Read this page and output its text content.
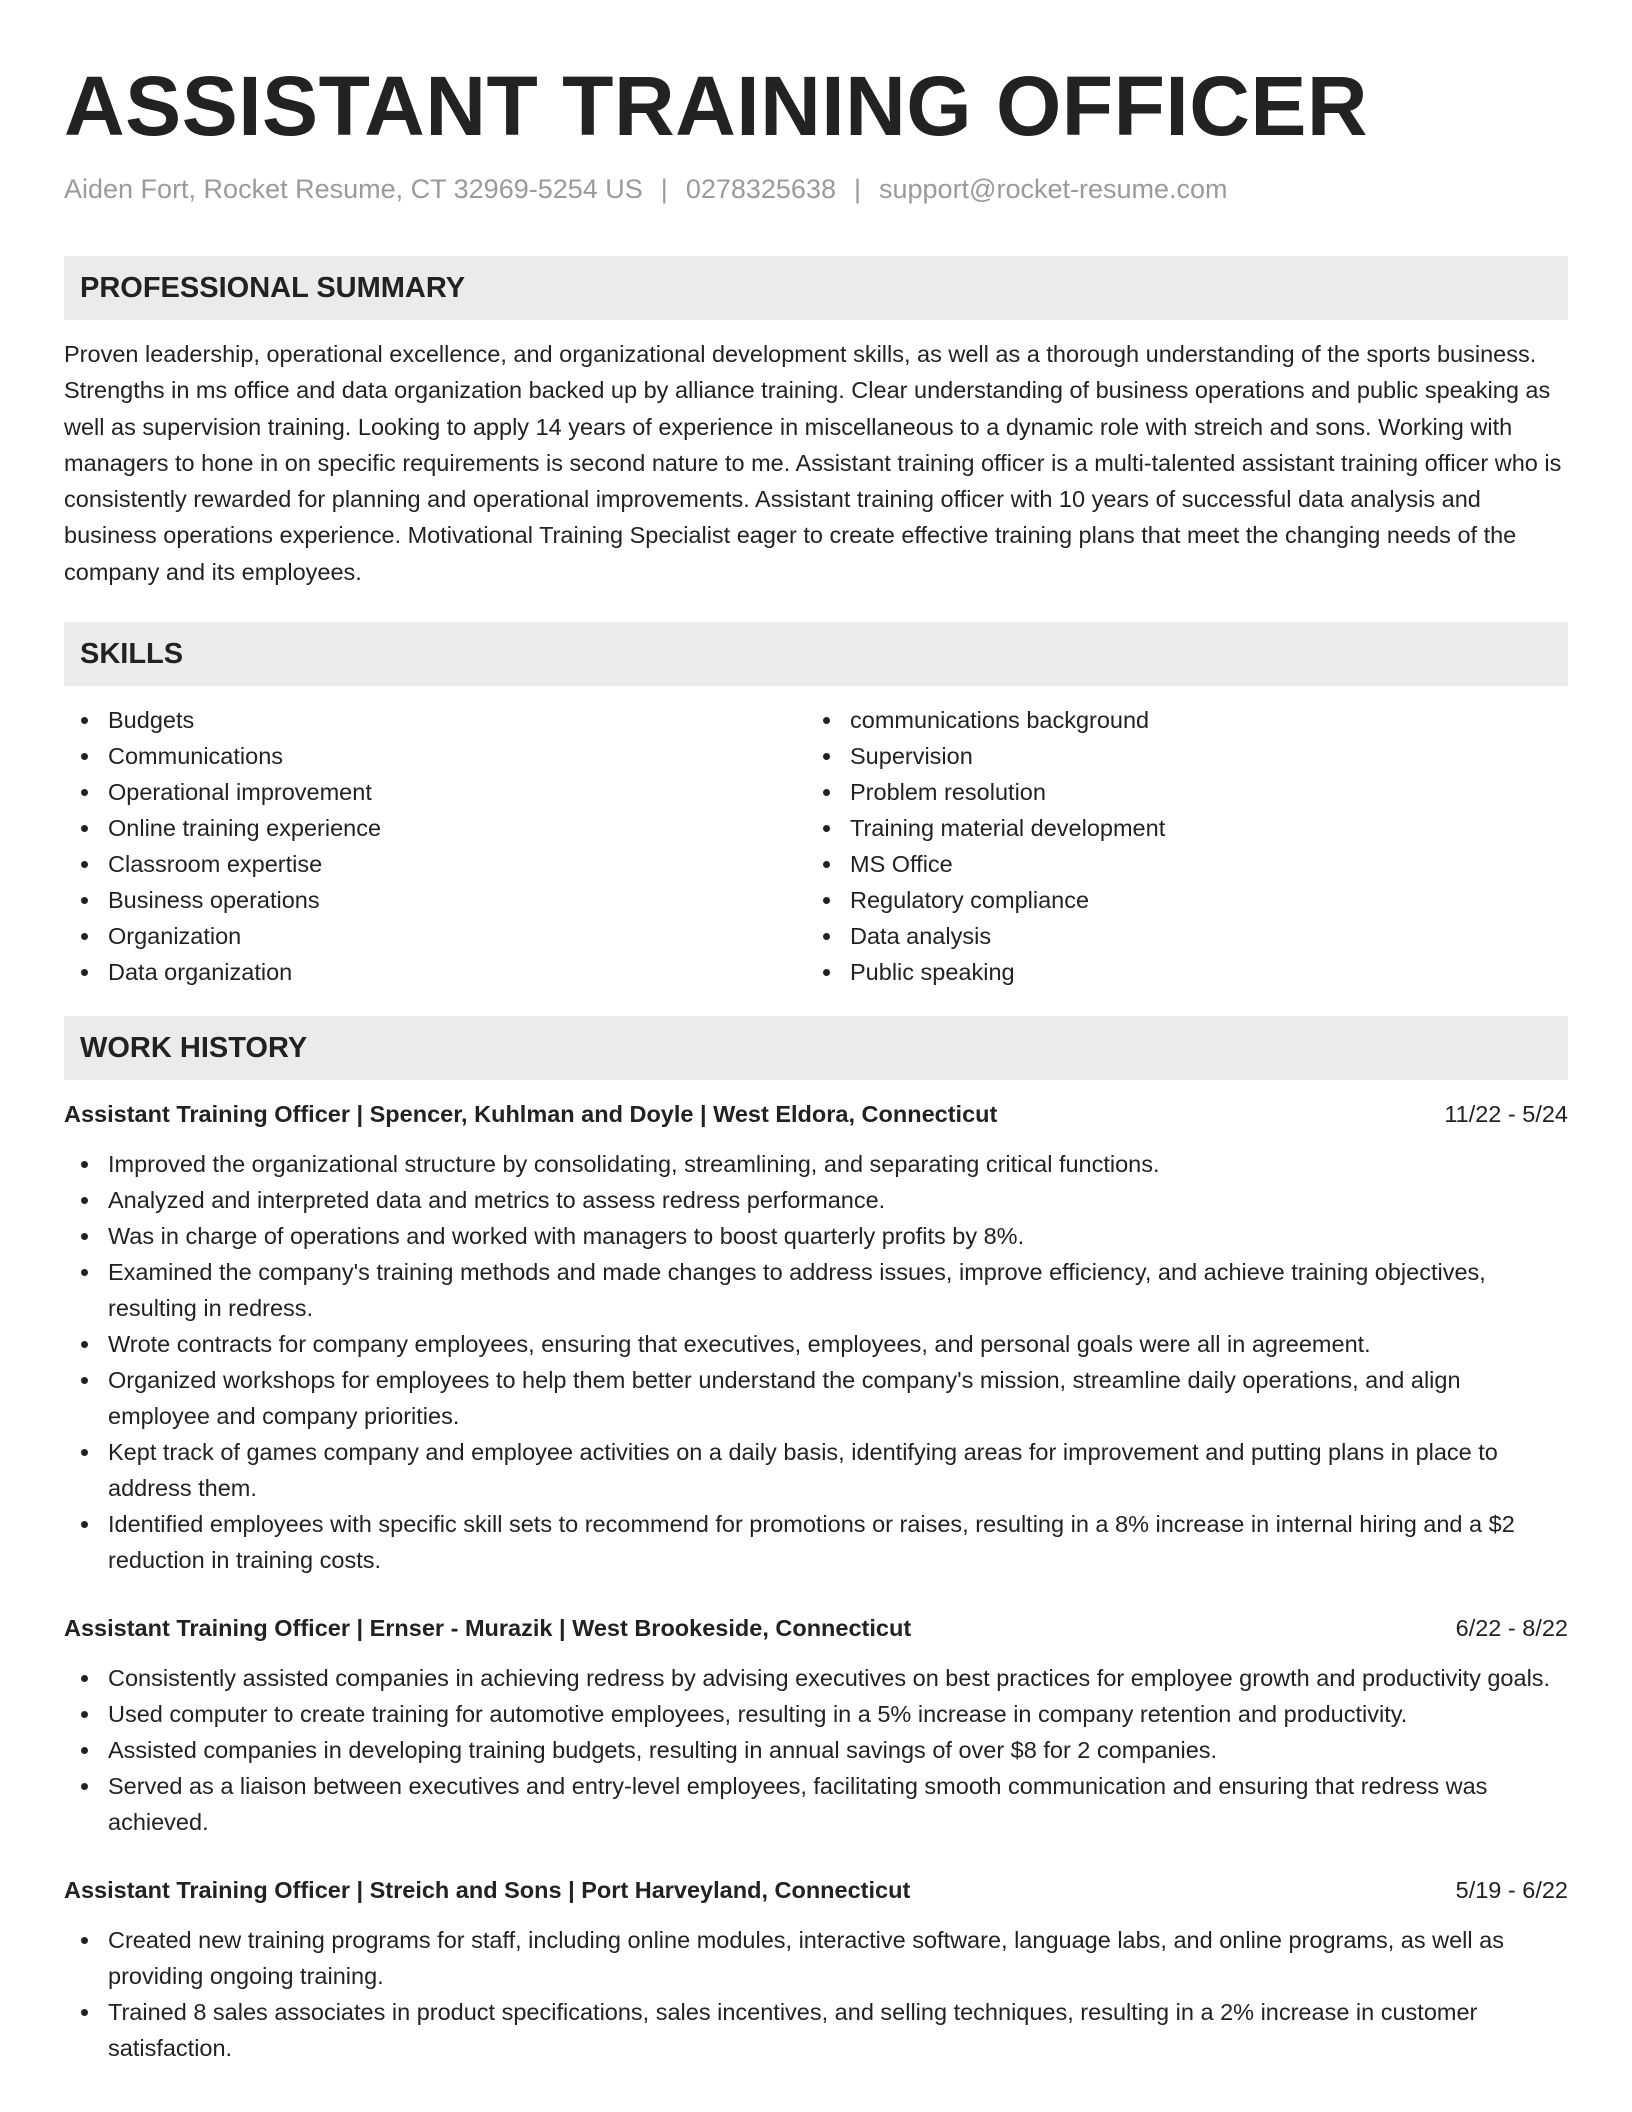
ASSISTANT TRAINING OFFICER
Aiden Fort, Rocket Resume, CT 32969-5254 US | 0278325638 | support@rocket-resume.com
PROFESSIONAL SUMMARY

Proven leadership, operational excellence, and organizational development skills, as well as a thorough understanding of the sports business. Strengths in ms office and data organization backed up by alliance training. Clear understanding of business operations and public speaking as well as supervision training. Looking to apply 14 years of experience in miscellaneous to a dynamic role with streich and sons. Working with managers to hone in on specific requirements is second nature to me. Assistant training officer is a multi-talented assistant training officer who is consistently rewarded for planning and operational improvements. Assistant training officer with 10 years of successful data analysis and business operations experience. Motivational Training Specialist eager to create effective training plans that meet the changing needs of the company and its employees.

SKILLS
Budgets
Communications
Operational improvement
Online training experience
Classroom expertise
Business operations
Organization
Data organization
communications background
Supervision
Problem resolution
Training material development
MS Office
Regulatory compliance
Data analysis
Public speaking
WORK HISTORY
Assistant Training Officer | Spencer, Kuhlman and Doyle | West Eldora, Connecticut	11/22 - 5/24
Improved the organizational structure by consolidating, streamlining, and separating critical functions.
Analyzed and interpreted data and metrics to assess redress performance.
Was in charge of operations and worked with managers to boost quarterly profits by 8%.
Examined the company's training methods and made changes to address issues, improve efficiency, and achieve training objectives, resulting in redress.
Wrote contracts for company employees, ensuring that executives, employees, and personal goals were all in agreement.
Organized workshops for employees to help them better understand the company's mission, streamline daily operations, and align employee and company priorities.
Kept track of games company and employee activities on a daily basis, identifying areas for improvement and putting plans in place to address them.
Identified employees with specific skill sets to recommend for promotions or raises, resulting in a 8% increase in internal hiring and a $2 reduction in training costs.
Assistant Training Officer | Ernser - Murazik | West Brookeside, Connecticut	6/22 - 8/22
Consistently assisted companies in achieving redress by advising executives on best practices for employee growth and productivity goals.
Used computer to create training for automotive employees, resulting in a 5% increase in company retention and productivity.
Assisted companies in developing training budgets, resulting in annual savings of over $8 for 2 companies.
Served as a liaison between executives and entry-level employees, facilitating smooth communication and ensuring that redress was achieved.
Assistant Training Officer | Streich and Sons | Port Harveyland, Connecticut	5/19 - 6/22
Created new training programs for staff, including online modules, interactive software, language labs, and online programs, as well as providing ongoing training.
Trained 8 sales associates in product specifications, sales incentives, and selling techniques, resulting in a 2% increase in customer satisfaction.
